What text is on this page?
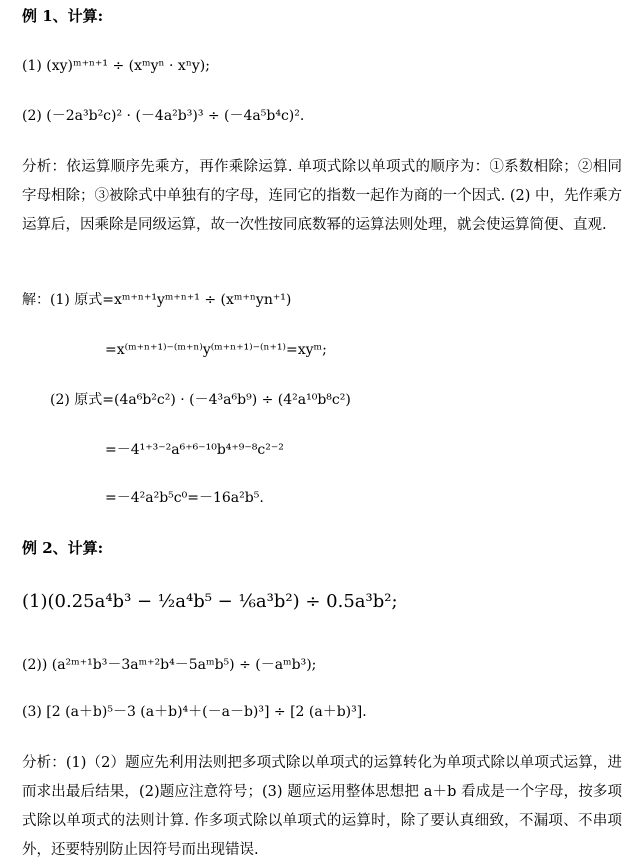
例 1、计算:
(1) (xy)ᵐ⁺ⁿ⁺¹ ÷ (xᵐyⁿ · xⁿy);
(2) (－2a³b²c)² · (－4a²b³)³ ÷ (－4a⁵b⁴c)².
分析：依运算顺序先乘方，再作乘除运算. 单项式除以单项式的顺序为：①系数相除；②相同字母相除；③被除式中单独有的字母，连同它的指数一起作为商的一个因式. (2) 中，先作乘方运算后，因乘除是同级运算，故一次性按同底数幂的运算法则处理，就会使运算简便、直观.
解：(1) 原式=xᵐ⁺ⁿ⁺¹yᵐ⁺ⁿ⁺¹ ÷ (xᵐ⁺ⁿyn⁺¹)
=x⁽ᵐ⁺ⁿ⁺¹⁾⁻⁽ᵐ⁺ⁿ⁾y⁽ᵐ⁺ⁿ⁺¹⁾⁻⁽ⁿ⁺¹⁾=xyᵐ;
(2) 原式=(4a⁶b²c²) · (－4³a⁶b⁹) ÷ (4²a¹⁰b⁸c²)
=－4¹⁺³⁻²a⁶⁺⁶⁻¹⁰b⁴⁺⁹⁻⁸c²⁻²
=－4²a²b⁵c⁰=－16a²b⁵.
例 2、计算:
(1)(0.25a⁴b³ − ½a⁴b⁵ − ⅙a³b²) ÷ 0.5a³b²;
(2)) (a²ᵐ⁺¹b³－3aᵐ⁺²b⁴－5aᵐb⁵) ÷ (－aᵐb³);
(3) [2 (a＋b)⁵－3 (a＋b)⁴＋(－a－b)³] ÷ [2 (a＋b)³].
分析：(1)（2）题应先利用法则把多项式除以单项式的运算转化为单项式除以单项式运算，进而求出最后结果，(2)题应注意符号；(3) 题应运用整体思想把 a＋b 看成是一个字母，按多项式除以单项式的法则计算. 作多项式除以单项式的运算时，除了要认真细致，不漏项、不串项外，还要特别防止因符号而出现错误.
